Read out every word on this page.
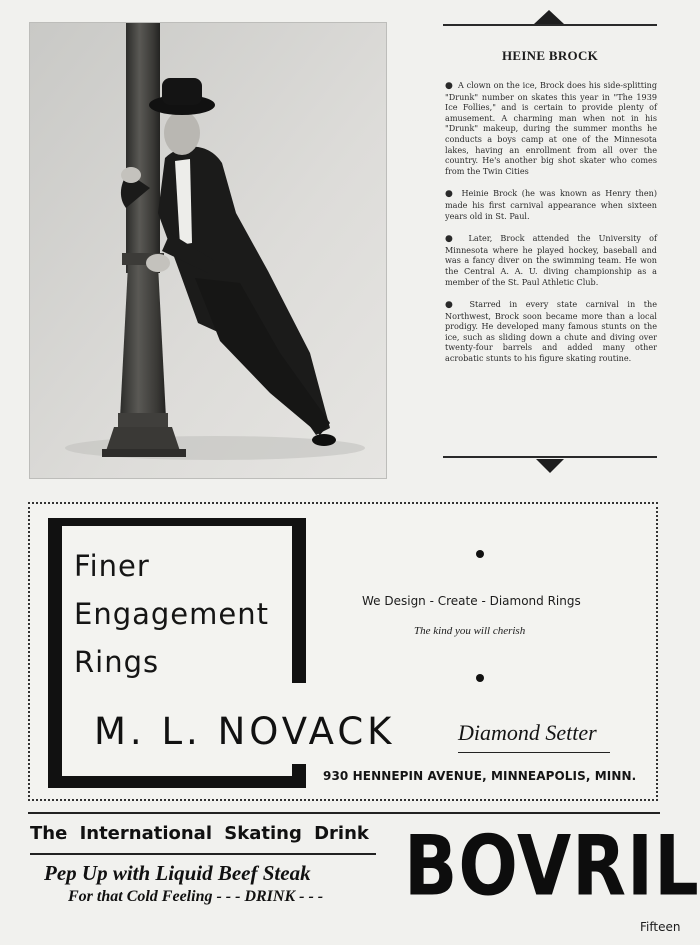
HEINE BROCK

● A clown on the ice, Brock does his side-splitting "Drunk" number on skates this year in "The 1939 Ice Follies," and is certain to provide plenty of amusement. A charming man when not in his "Drunk" makeup, during the summer months he conducts a boys camp at one of the Minnesota lakes, having an enrollment from all over the country. He's another big shot skater who comes from the Twin Cities

● Heinie Brock (he was known as Henry then) made his first carnival appearance when sixteen years old in St. Paul.

● Later, Brock attended the University of Minnesota where he played hockey, baseball and was a fancy diver on the swimming team. He won the Central A. A. U. diving championship as a member of the St. Paul Athletic Club.

● Starred in every state carnival in the Northwest, Brock soon became more than a local prodigy. He developed many famous stunts on the ice, such as sliding down a chute and diving over twenty-four barrels and added many other acrobatic stunts to his figure skating routine.

Finer
Engagement
Rings
We Design - Create - Diamond Rings
The kind you will cherish
M. L. NOVACK	Diamond Setter
930 HENNEPIN AVENUE, MINNEAPOLIS, MINN.
The International Skating Drink
Pep Up with Liquid Beef Steak
For that Cold Feeling - - - DRINK - - - BOVRIL
Fifteen
